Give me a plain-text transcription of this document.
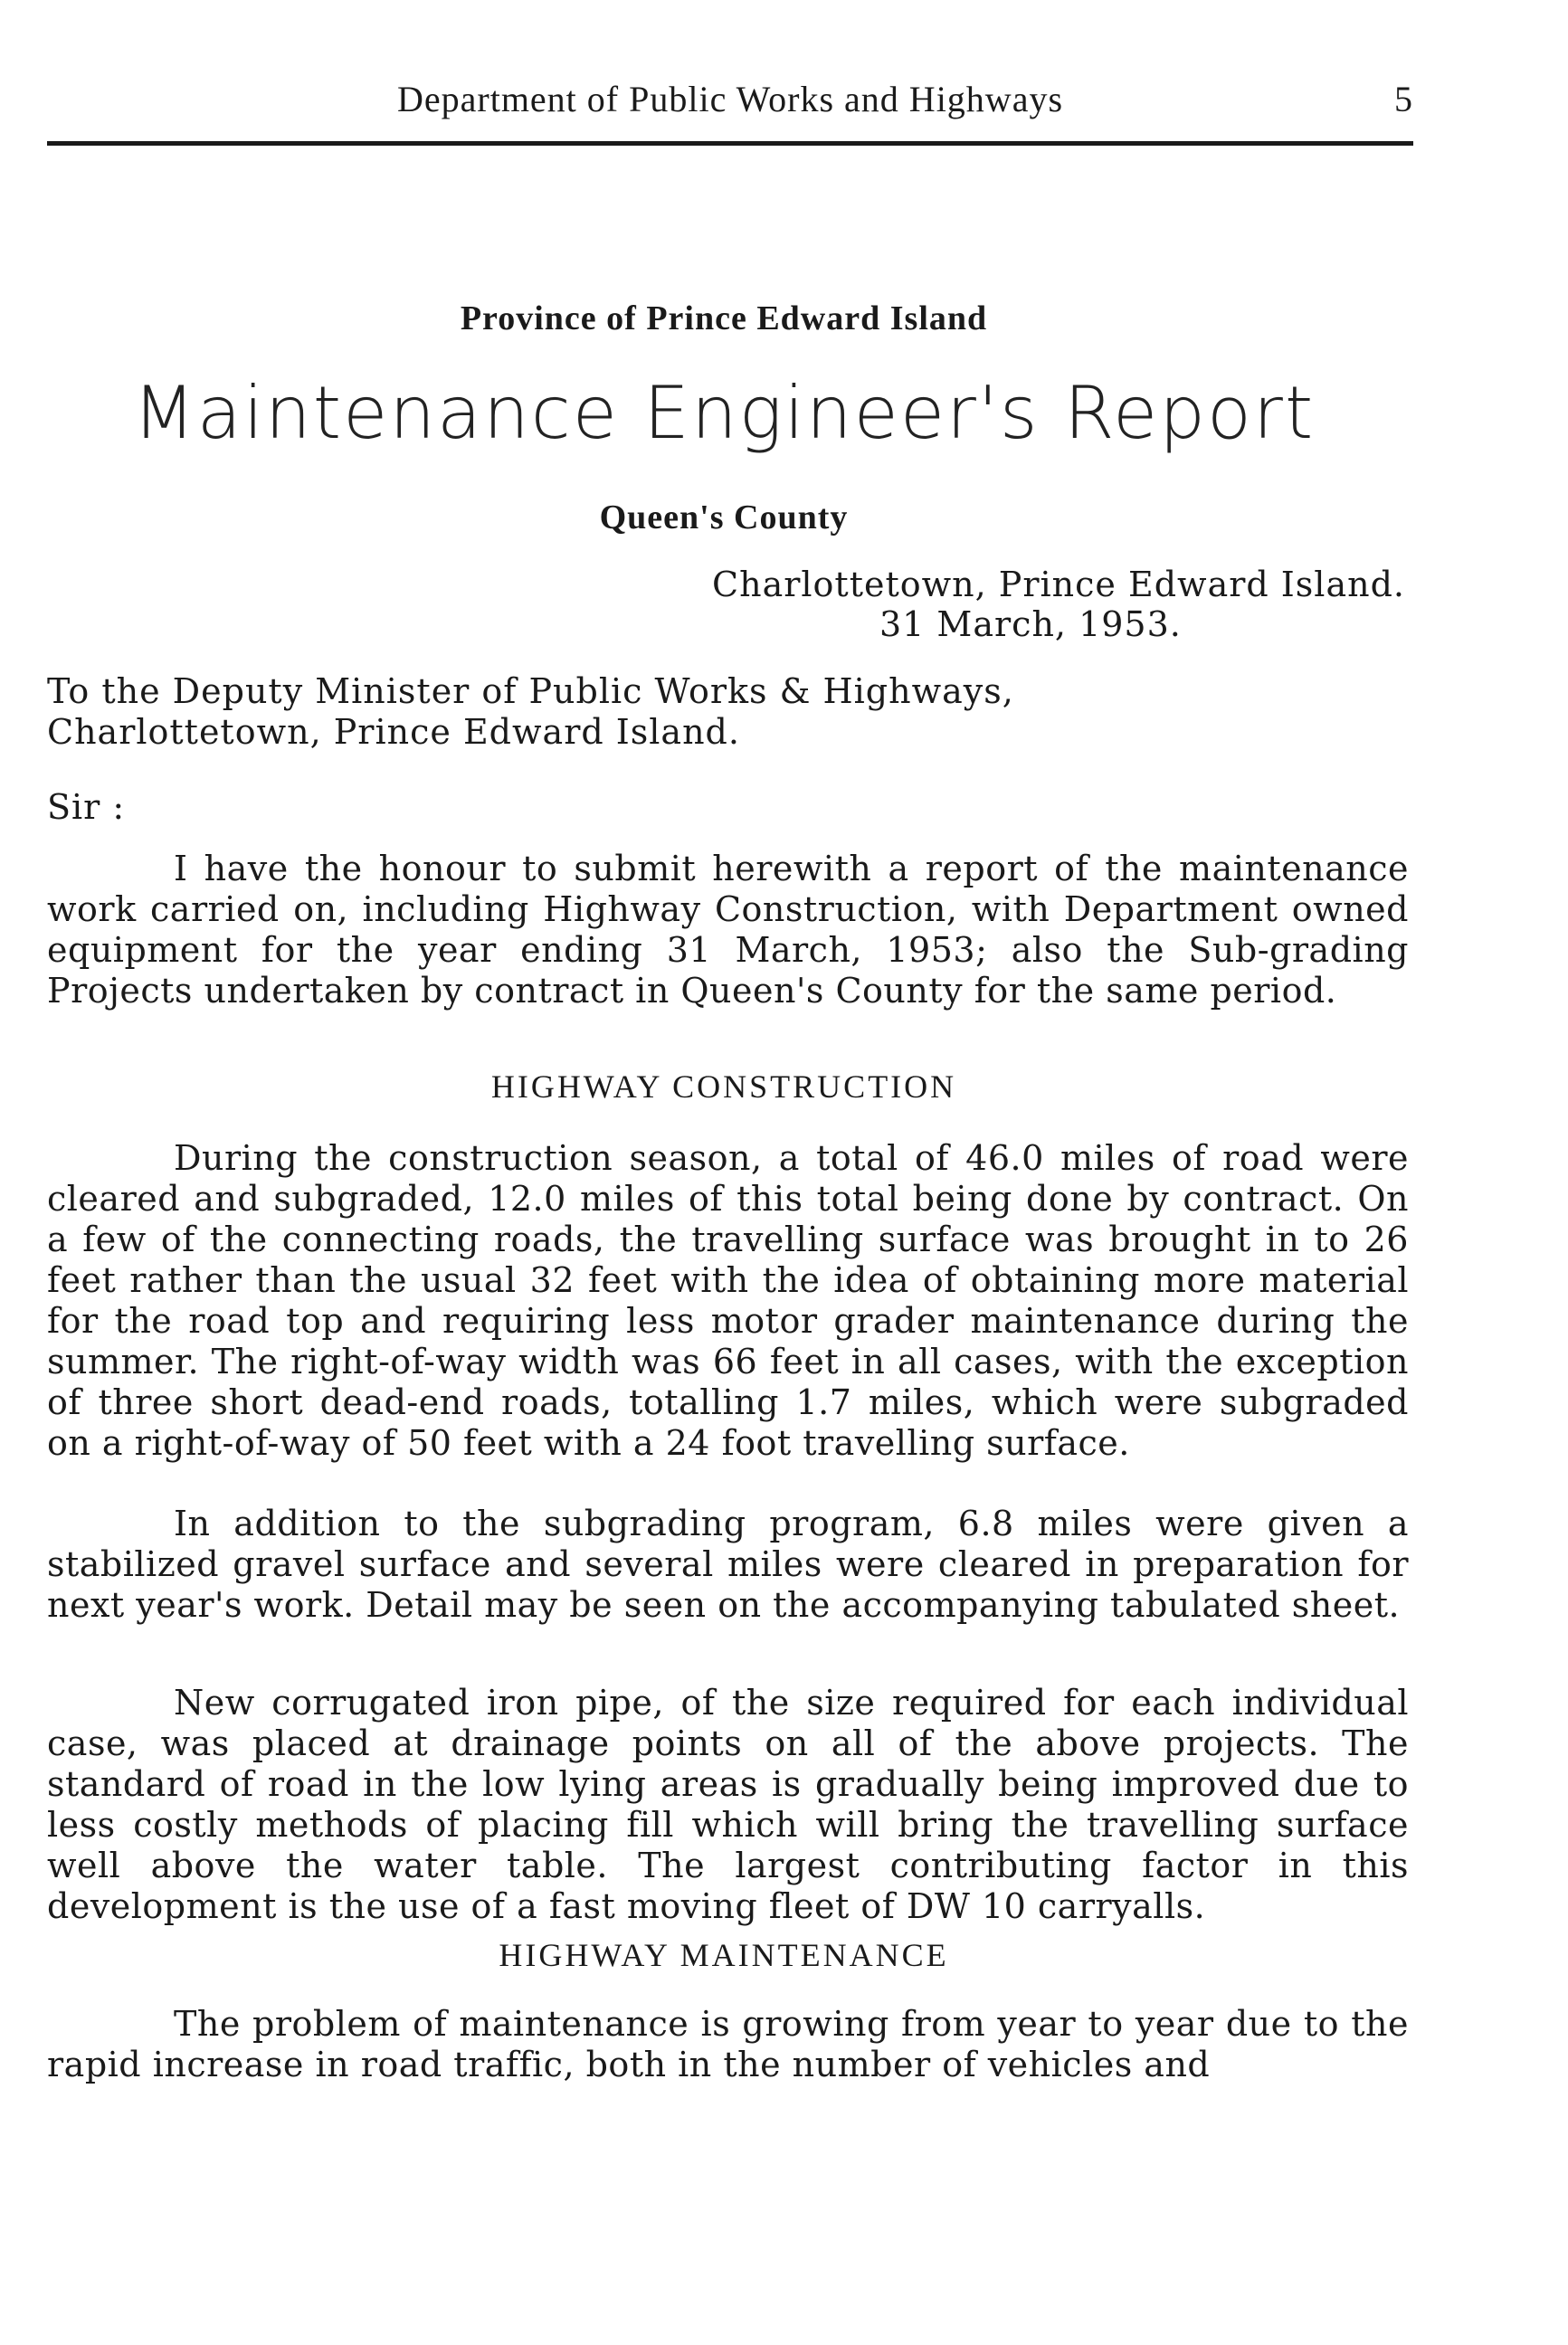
Department of Public Works and Highways	5
Province of Prince Edward Island
Maintenance Engineer's Report
Queen's County
Charlottetown, Prince Edward Island.
31 March, 1953.
To the Deputy Minister of Public Works & Highways,
Charlottetown, Prince Edward Island.
Sir :
I have the honour to submit herewith a report of the maintenance work carried on, including Highway Construction, with Department owned equipment for the year ending 31 March, 1953; also the Sub-grading Projects undertaken by contract in Queen's County for the same period.
HIGHWAY CONSTRUCTION
During the construction season, a total of 46.0 miles of road were cleared and subgraded, 12.0 miles of this total being done by contract. On a few of the connecting roads, the travelling surface was brought in to 26 feet rather than the usual 32 feet with the idea of obtaining more material for the road top and requiring less motor grader maintenance during the summer. The right-of-way width was 66 feet in all cases, with the exception of three short dead-end roads, totalling 1.7 miles, which were subgraded on a right-of-way of 50 feet with a 24 foot travelling surface.
In addition to the subgrading program, 6.8 miles were given a stabilized gravel surface and several miles were cleared in preparation for next year's work. Detail may be seen on the accompanying tabulated sheet.
New corrugated iron pipe, of the size required for each individual case, was placed at drainage points on all of the above projects. The standard of road in the low lying areas is gradually being improved due to less costly methods of placing fill which will bring the travelling surface well above the water table. The largest contributing factor in this development is the use of a fast moving fleet of DW 10 carryalls.
HIGHWAY MAINTENANCE
The problem of maintenance is growing from year to year due to the rapid increase in road traffic, both in the number of vehicles and
